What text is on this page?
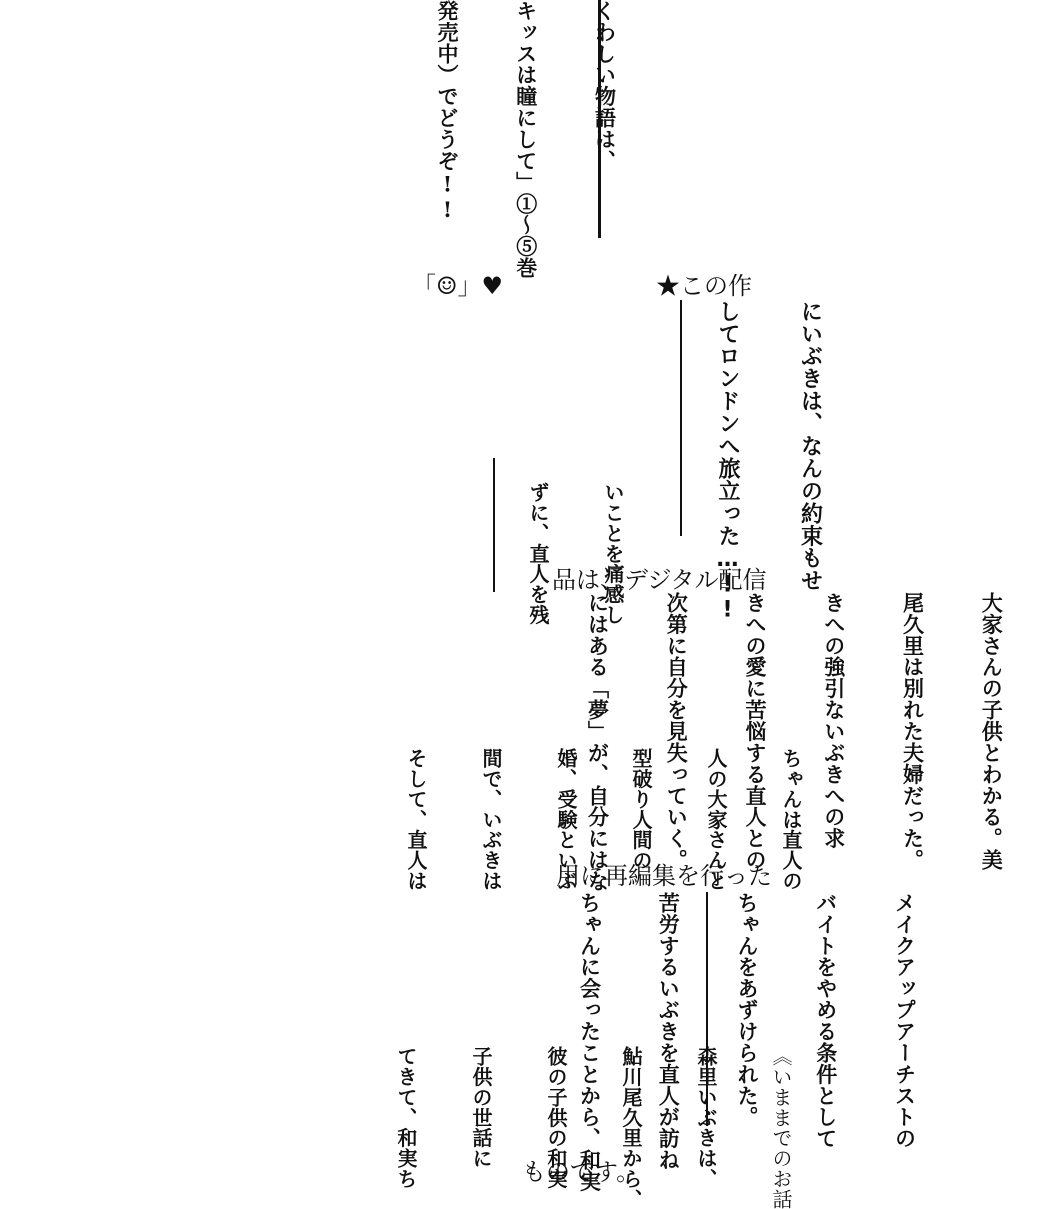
くわしい物語は、

キッスは瞳にして」①〜⑤巻

発売中）でどうぞ!!

「☺」♥	★この作
品は、デジタル配信
用に再編集を行った
ものです。

にいぶきは、なんの約束もせ

してロンドンへ旅立った…!!

いことを痛感し

ずに、直人を残

大家さんの子供とわかる。美

尾久里は別れた夫婦だった。

きへの強引ないぶきへの求

きへの愛に苦悩する直人との

次第に自分を見失っていく。

にはある「夢」が、自分にはな

	ちゃんは直人の

人の大家さんと

型破り人間の

婚、受験といぶ

間で、いぶきは

そして、直人は

メイクアップアーチストの

バイトをやめる条件として

ちゃんをあずけられた。

苦労するいぶきを直人が訪ね

ちゃんに会ったことから、和実

	《いままでのお話

森里いぶきは、

鮎川尾久里から、

彼の子供の和実

子供の世話に

てきて、和実ち
